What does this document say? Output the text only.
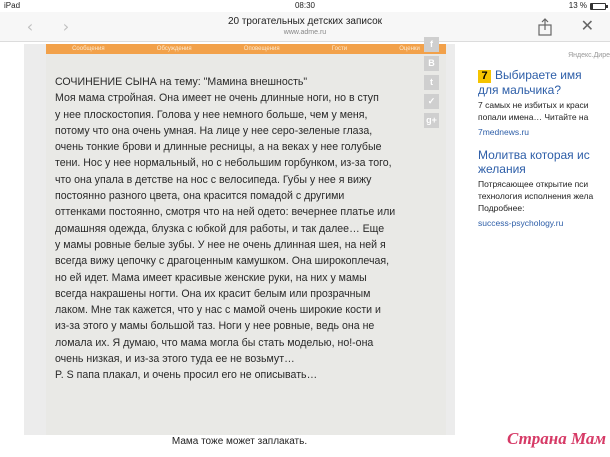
iPad	08:30	13 %
‹ ›	20 трогательных детских записок
www.adme.ru	✕
Сообщения	Обсуждения	Оповещения	Гости	Оценки
СОЧИНЕНИЕ СЫНА на тему: "Мамина внешность"
Моя мама стройная. Она имеет не очень длинные ноги, но в ступ
у нее плоскостопия. Голова у нее немного больше, чем у меня,
потому что она очень умная. На лице у нее серо-зеленые глаза,
очень тонкие брови и длинные ресницы, а на веках у нее голубые
тени. Нос у нее нормальный, но с небольшим горбунком, из-за того,
что она упала в детстве на нос с велосипеда. Губы у нее я вижу
постоянно разного цвета, она красится помадой с другими
оттенками постоянно, смотря что на ней одето: вечернее платье или
домашняя одежда, блузка с юбкой для работы, и так далее… Еще
у мамы ровные белые зубы. У нее не очень длинная шея, на ней я
всегда вижу цепочку с драгоценным камушком. Она широкоплечая,
но ей идет. Мама имеет красивые женские руки, на них у мамы
всегда накрашены ногти. Она их красит белым или прозрачным
лаком. Мне так кажется, что у нас с мамой очень широкие кости и
из-за этого у мамы большой таз. Ноги у нее ровные, ведь она не
ломала их. Я думаю, что мама могла бы стать моделью, но!-она
очень низкая, и из-за этого туда ее не возьмут…
P. S папа плакал, и очень просил его не описывать…
f
В
t
✓
g+
Мама тоже может заплакать.
Яндекс.Дире
7 Выбираете имя
для мальчика?
7 самых не избитых и краси
попали имена… Читайте на
7mednews.ru
Молитва которая ис
желания
Потрясающее открытие пси
технология исполнения жела
Подробнее:
success-psychology.ru
Страна Мам
